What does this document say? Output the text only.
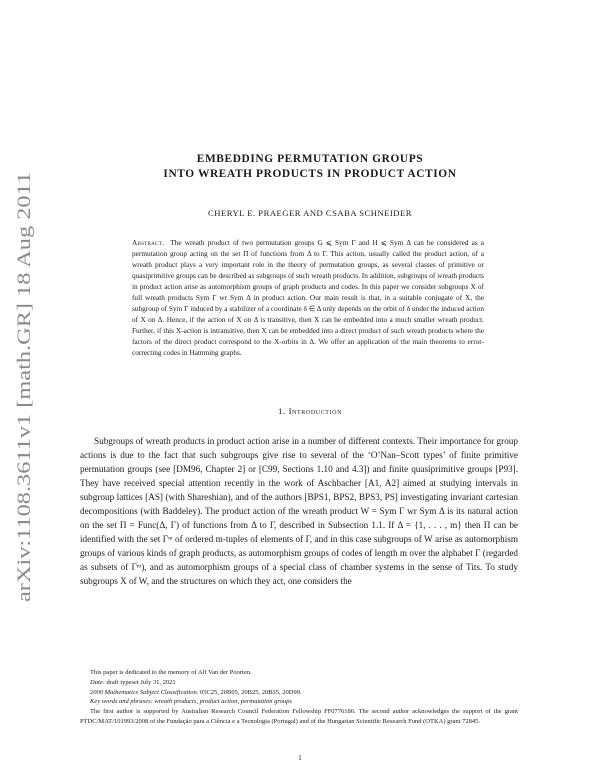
arXiv:1108.3611v1 [math.GR] 18 Aug 2011
EMBEDDING PERMUTATION GROUPS
INTO WREATH PRODUCTS IN PRODUCT ACTION
CHERYL E. PRAEGER AND CSABA SCHNEIDER
Abstract. The wreath product of two permutation groups G ⩽ Sym Γ and H ⩽ Sym Δ can be considered as a permutation group acting on the set Π of functions from Δ to Γ. This action, usually called the product action, of a wreath product plays a very important role in the theory of permutation groups, as several classes of primitive or quasiprimitive groups can be described as subgroups of such wreath products. In addition, subgroups of wreath products in product action arise as automorphism groups of graph products and codes. In this paper we consider subgroups X of full wreath products Sym Γ wr Sym Δ in product action. Our main result is that, in a suitable conjugate of X, the subgroup of Sym Γ induced by a stabilizer of a coordinate δ ∈ Δ only depends on the orbit of δ under the induced action of X on Δ. Hence, if the action of X on Δ is transitive, then X can be embedded into a much smaller wreath product. Further, if this X-action is intransitive, then X can be embedded into a direct product of such wreath products where the factors of the direct product correspond to the X-orbits in Δ. We offer an application of the main theorems to error-correcting codes in Hamming graphs.
1. Introduction

Subgroups of wreath products in product action arise in a number of different contexts. Their importance for group actions is due to the fact that such subgroups give rise to several of the ‘O’Nan–Scott types’ of finite primitive permutation groups (see [DM96, Chapter 2] or [C99, Sections 1.10 and 4.3]) and finite quasiprimitive groups [P93]. They have received special attention recently in the work of Aschbacher [A1, A2] aimed at studying intervals in subgroup lattices [AS] (with Shareshian), and of the authors [BPS1, BPS2, BPS3, PS] investigating invariant cartesian decompositions (with Baddeley). The product action of the wreath product W = Sym Γ wr Sym Δ is its natural action on the set Π = Func(Δ, Γ) of functions from Δ to Γ, described in Subsection 1.1. If Δ = {1, . . . , m} then Π can be identified with the set Γᵐ of ordered m-tuples of elements of Γ, and in this case subgroups of W arise as automorphism groups of various kinds of graph products, as automorphism groups of codes of length m over the alphabet Γ (regarded as subsets of Γᵐ), and as automorphism groups of a special class of chamber systems in the sense of Tits. To study subgroups X of W, and the structures on which they act, one considers the

This paper is dedicated to the memory of Alf Van der Poorten.
Date: draft typeset July 31, 2021
2000 Mathematics Subject Classification. 05C25, 20B05, 20B25, 20B35, 20D99.
Key words and phrases: wreath products, product action, permutation groups
The first author is supported by Australian Research Council Federation Fellowship FF0776186. The second author acknowledges the support of the grant PTDC/MAT/101993/2008 of the Fundação para a Ciência e a Tecnologia (Portugal) and of the Hungarian Scientific Research Fund (OTKA) grant 72845.
1
